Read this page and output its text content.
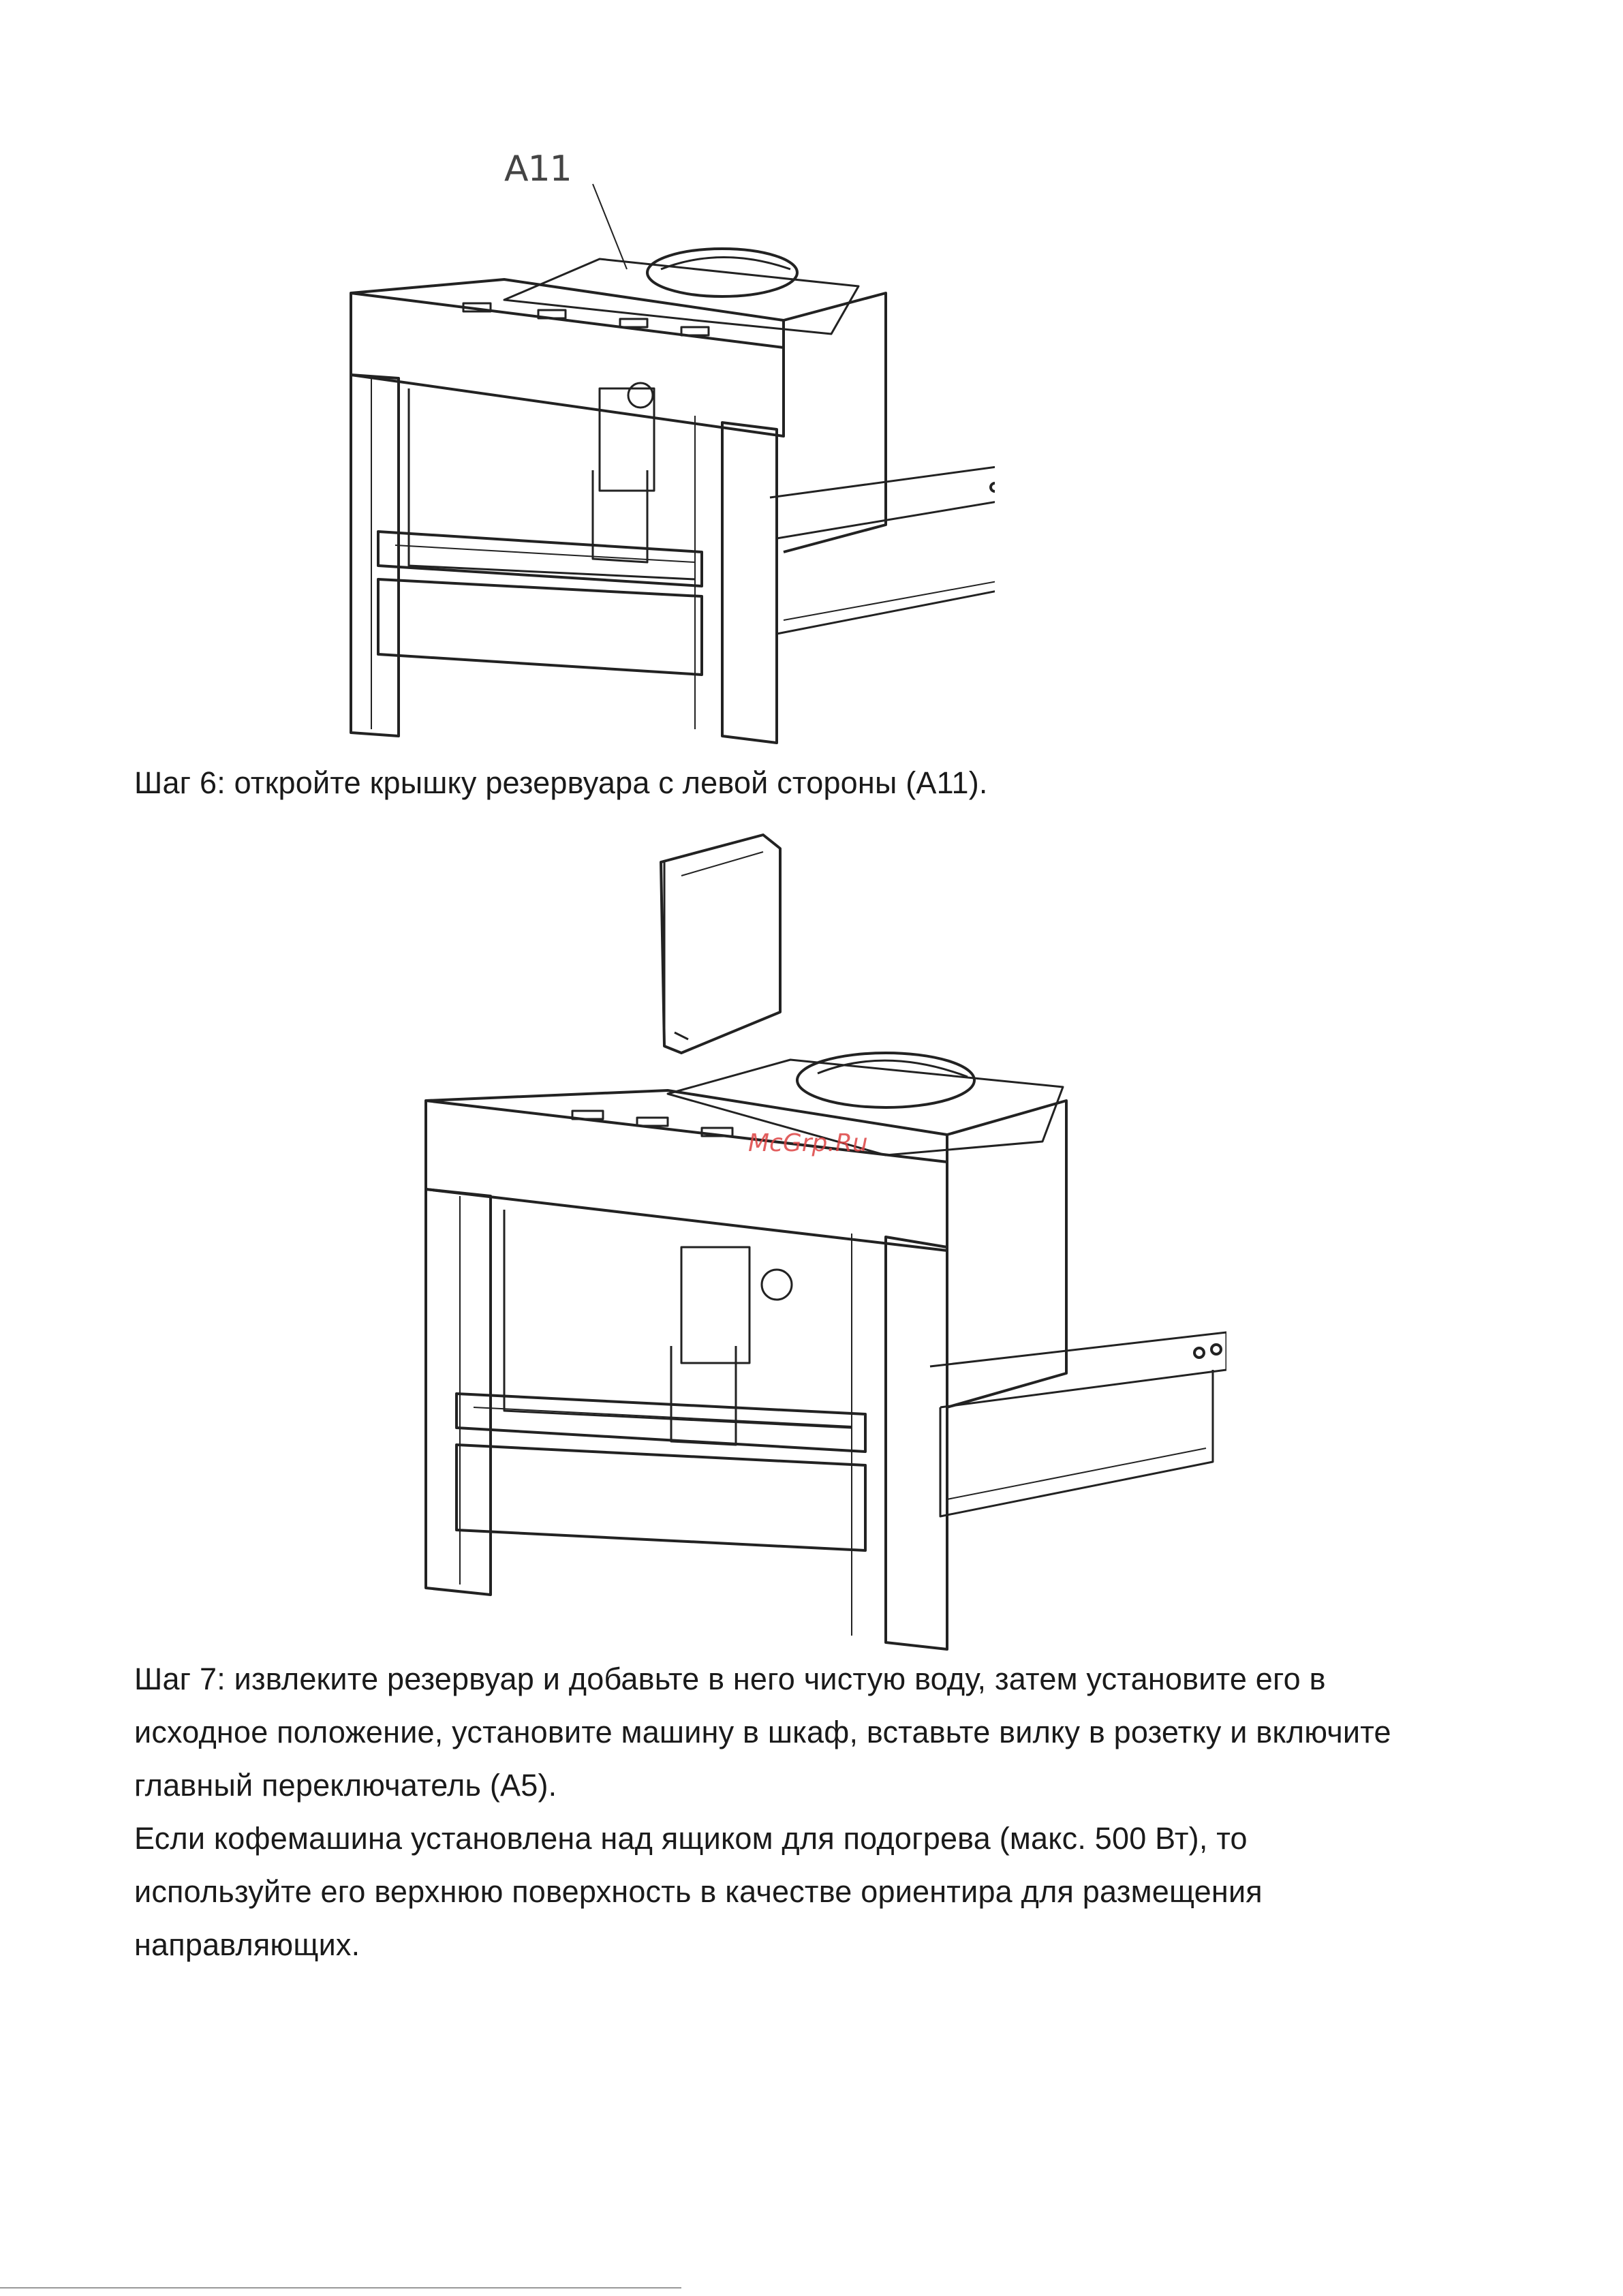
A11

Шаг 6: откройте крышку резервуара с левой стороны (A11).

McGrp.Ru

Шаг 7: извлеките резервуар и добавьте в него чистую воду, затем установите его в

исходное положение, установите машину в шкаф, вставьте вилку в розетку и включите

главный переключатель (A5).

Если кофемашина установлена над ящиком для подогрева (макс. 500 Вт), то

используйте его верхнюю поверхность в качестве ориентира для размещения

направляющих.
